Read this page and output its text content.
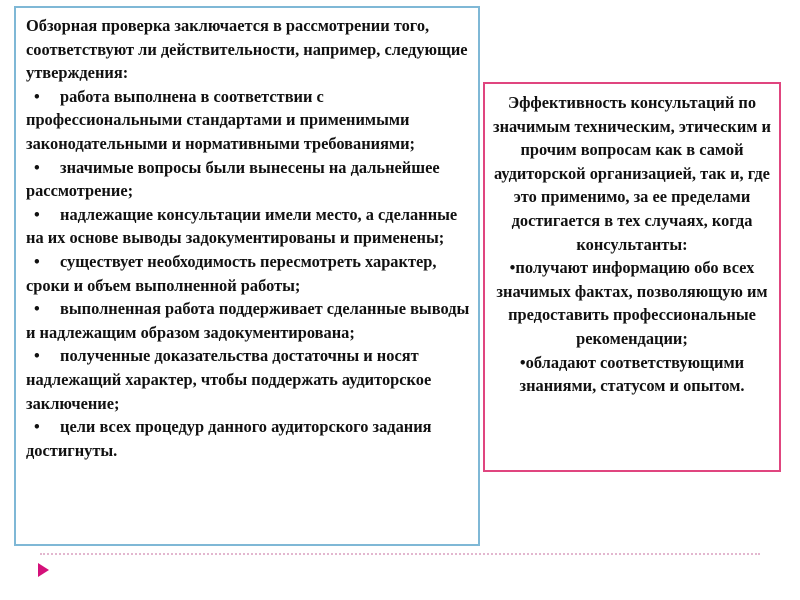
Обзорная проверка заключается в рассмотрении того, соответствуют ли действительности, например, следующие утверждения:

• работа выполнена в соответствии с профессиональными стандартами и применимыми законодательными и нормативными требованиями;

• значимые вопросы были вынесены на дальнейшее рассмотрение;

• надлежащие консультации имели место, а сделанные на их основе выводы задокументированы и применены;

• существует необходимость пересмотреть характер, сроки и объем выполненной работы;

• выполненная работа поддерживает сделанные выводы и надлежащим образом задокументирована;

• полученные доказательства достаточны и носят надлежащий характер, чтобы поддержать аудиторское заключение;

• цели всех процедур данного аудиторского задания достигнуты.

Эффективность консультаций по значимым техническим, этическим и прочим вопросам как в самой аудиторской организацией, так и, где это применимо, за ее пределами достигается в тех случаях, когда консультанты:

•получают информацию обо всех значимых фактах, позволяющую им предоставить профессиональные рекомендации;

•обладают соответствующими знаниями, статусом и опытом.
